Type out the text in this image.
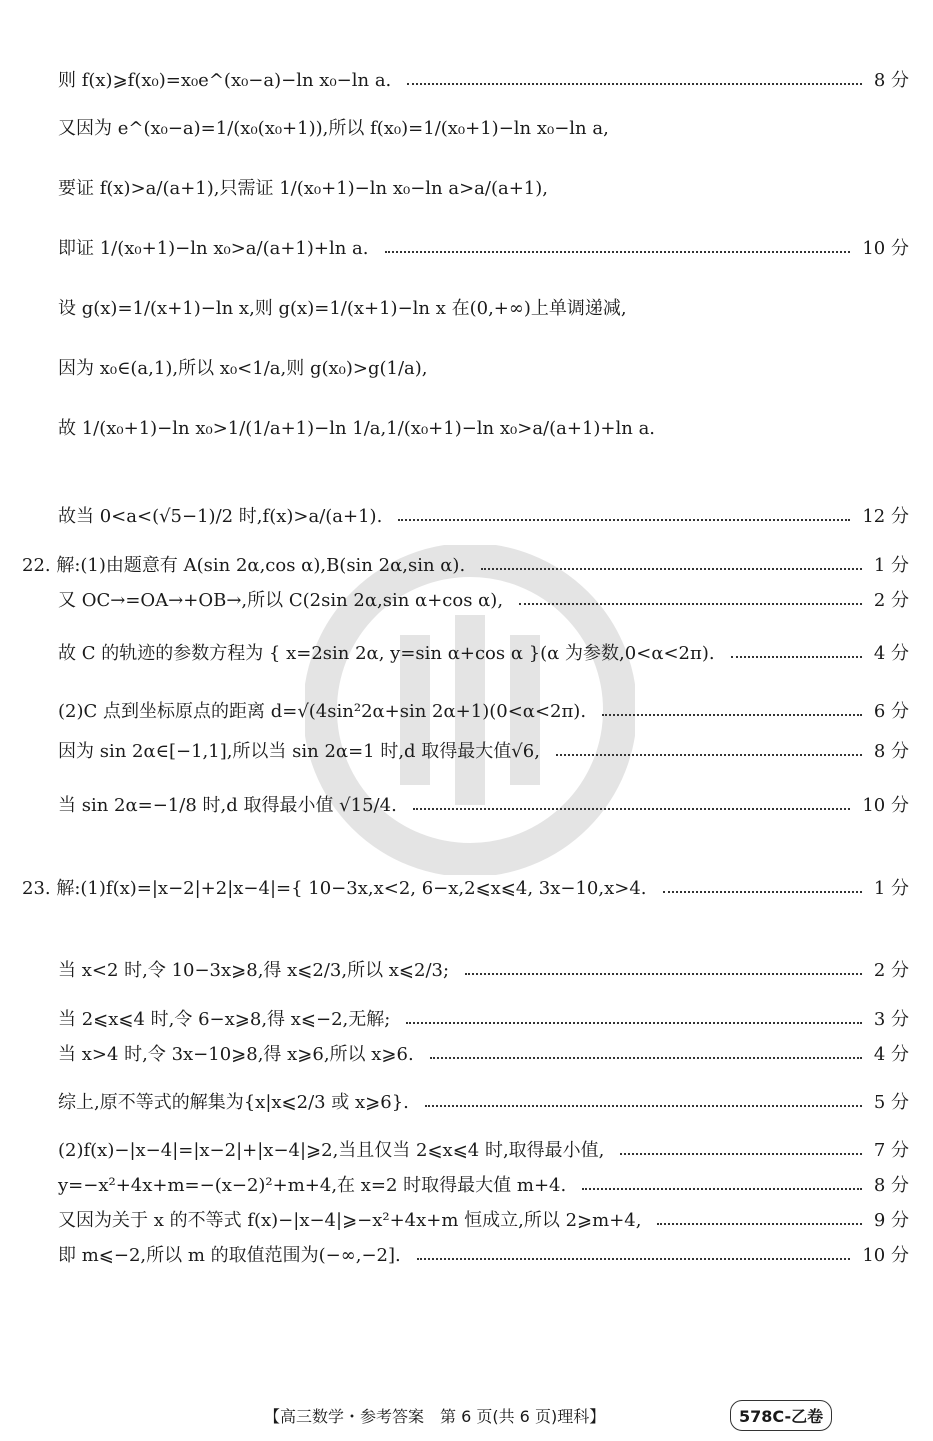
则 f(x)⩾f(x₀)=x₀e^(x₀−a)−ln x₀−ln a.	8 分
又因为 e^(x₀−a)=1/(x₀(x₀+1)),所以 f(x₀)=1/(x₀+1)−ln x₀−ln a,
要证 f(x)>a/(a+1),只需证 1/(x₀+1)−ln x₀−ln a>a/(a+1),
即证 1/(x₀+1)−ln x₀>a/(a+1)+ln a.	10 分
设 g(x)=1/(x+1)−ln x,则 g(x)=1/(x+1)−ln x 在(0,+∞)上单调递减,
因为 x₀∈(a,1),所以 x₀<1/a,则 g(x₀)>g(1/a),
故 1/(x₀+1)−ln x₀>1/(1/a+1)−ln 1/a,1/(x₀+1)−ln x₀>a/(a+1)+ln a.
故当 0<a<(√5−1)/2 时,f(x)>a/(a+1).	12 分
22. 解:(1)由题意有 A(sin 2α,cos α),B(sin 2α,sin α).	1 分
又 OC→=OA→+OB→,所以 C(2sin 2α,sin α+cos α),	2 分
故 C 的轨迹的参数方程为 { x=2sin 2α, y=sin α+cos α }(α 为参数,0<α<2π).	4 分
(2)C 点到坐标原点的距离 d=√(4sin²2α+sin 2α+1)(0<α<2π).	6 分
因为 sin 2α∈[−1,1],所以当 sin 2α=1 时,d 取得最大值√6,	8 分
当 sin 2α=−1/8 时,d 取得最小值 √15/4.	10 分
23. 解:(1)f(x)=|x−2|+2|x−4|={ 10−3x,x<2, 6−x,2⩽x⩽4, 3x−10,x>4.	1 分
当 x<2 时,令 10−3x⩾8,得 x⩽2/3,所以 x⩽2/3;	2 分
当 2⩽x⩽4 时,令 6−x⩾8,得 x⩽−2,无解;	3 分
当 x>4 时,令 3x−10⩾8,得 x⩾6,所以 x⩾6.	4 分
综上,原不等式的解集为{x|x⩽2/3 或 x⩾6}.	5 分
(2)f(x)−|x−4|=|x−2|+|x−4|⩾2,当且仅当 2⩽x⩽4 时,取得最小值,	7 分
y=−x²+4x+m=−(x−2)²+m+4,在 x=2 时取得最大值 m+4.	8 分
又因为关于 x 的不等式 f(x)−|x−4|⩾−x²+4x+m 恒成立,所以 2⩾m+4,	9 分
即 m⩽−2,所以 m 的取值范围为(−∞,−2].	10 分
【高三数学・参考答案　第 6 页(共 6 页)理科】	578C-乙卷
